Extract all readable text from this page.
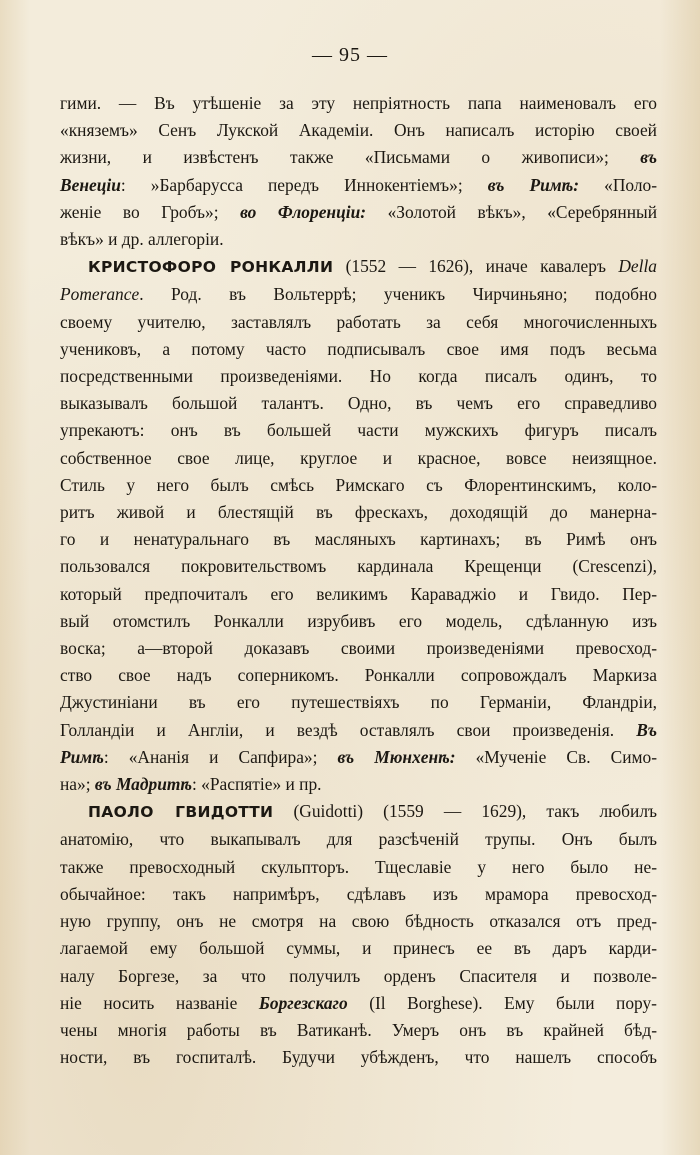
— 95 —
гими. — Въ утѣшеніе за эту непріятность папа наименовалъ его
«княземъ» Сенъ Лукской Академіи. Онъ написалъ исторію своей
жизни, и извѣстенъ также «Письмами о живописи»; въ
Венеціи: »Барбарусса передъ Иннокентіемъ»; въ Римѣ: «Поло-
женіе во Гробъ»; во Флоренціи: «Золотой вѣкъ», «Серебрянный
вѣкъ» и др. аллегоріи.
КРИСТОФОРО РОНКАЛЛИ (1552 — 1626), иначе кавалеръ Della
Pomerance. Род. въ Вольтеррѣ; ученикъ Чирчиньяно; подобно
своему учителю, заставлялъ работать за себя многочисленныхъ
учениковъ, а потому часто подписывалъ свое имя подъ весьма
посредственными произведеніями. Но когда писалъ одинъ, то
выказывалъ большой талантъ. Одно, въ чемъ его справедливо
упрекаютъ: онъ въ большей части мужскихъ фигуръ писалъ
собственное свое лице, круглое и красное, вовсе неизящное.
Стиль у него былъ смѣсь Римскаго съ Флорентинскимъ, коло-
ритъ живой и блестящій въ фрескахъ, доходящій до манерна-
го и ненатуральнаго въ масляныхъ картинахъ; въ Римѣ онъ
пользовался покровительствомъ кардинала Крещенци (Crescenzi),
который предпочиталъ его великимъ Караваджіо и Гвидо. Пер-
вый отомстилъ Ронкалли изрубивъ его модель, сдѣланную изъ
воска; а—второй доказавъ своими произведеніями превосход-
ство свое надъ соперникомъ. Ронкалли сопровождалъ Маркиза
Джустиніани въ его путешествіяхъ по Германіи, Фландріи,
Голландіи и Англіи, и вездѣ оставлялъ свои произведенія. Въ
Римѣ: «Ананія и Сапфира»; въ Мюнхенѣ: «Мученіе Св. Симо-
на»; въ Мадритѣ: «Распятіе» и пр.
ПАОЛО ГВИДОТТИ (Guidotti) (1559 — 1629), такъ любилъ
анатомію, что выкапывалъ для разсѣченій трупы. Онъ былъ
также превосходный скульпторъ. Тщеславіе у него было не-
обычайное: такъ напримѣръ, сдѣлавъ изъ мрамора превосход-
ную группу, онъ не смотря на свою бѣдность отказался отъ пред-
лагаемой ему большой суммы, и принесъ ее въ даръ карди-
налу Боргезе, за что получилъ орденъ Спасителя и позволе-
ніе носить названіе Боргезскаго (Il Borghese). Ему были пору-
чены многія работы въ Ватиканѣ. Умеръ онъ въ крайней бѣд-
ности, въ госпиталѣ. Будучи убѣжденъ, что нашелъ способъ
